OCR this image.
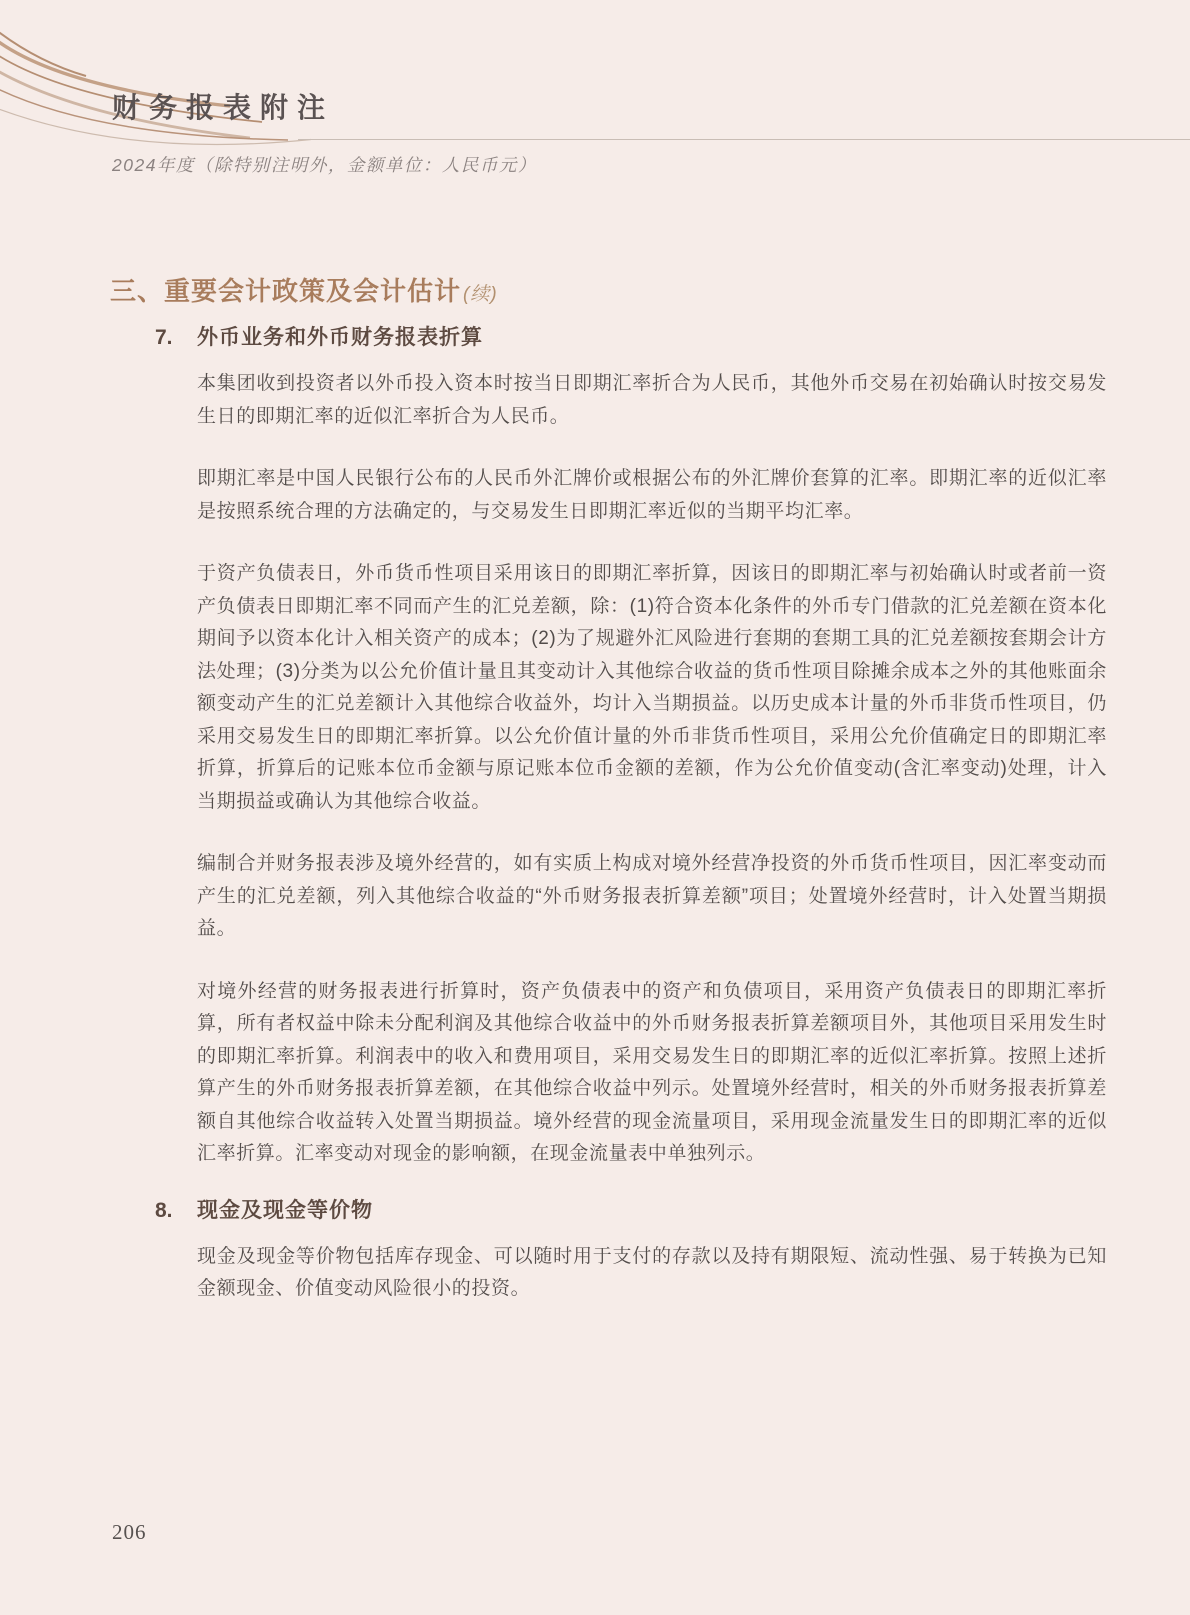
财务报表附注
2024年度（除特别注明外，金额单位：人民币元）
三、重要会计政策及会计估计 (续)
7.	外币业务和外币财务报表折算

本集团收到投资者以外币投入资本时按当日即期汇率折合为人民币，其他外币交易在初始确认时按交易发生日的即期汇率的近似汇率折合为人民币。

即期汇率是中国人民银行公布的人民币外汇牌价或根据公布的外汇牌价套算的汇率。即期汇率的近似汇率是按照系统合理的方法确定的，与交易发生日即期汇率近似的当期平均汇率。

于资产负债表日，外币货币性项目采用该日的即期汇率折算，因该日的即期汇率与初始确认时或者前一资产负债表日即期汇率不同而产生的汇兑差额，除：(1)符合资本化条件的外币专门借款的汇兑差额在资本化期间予以资本化计入相关资产的成本；(2)为了规避外汇风险进行套期的套期工具的汇兑差额按套期会计方法处理；(3)分类为以公允价值计量且其变动计入其他综合收益的货币性项目除摊余成本之外的其他账面余额变动产生的汇兑差额计入其他综合收益外，均计入当期损益。以历史成本计量的外币非货币性项目，仍采用交易发生日的即期汇率折算。以公允价值计量的外币非货币性项目，采用公允价值确定日的即期汇率折算，折算后的记账本位币金额与原记账本位币金额的差额，作为公允价值变动(含汇率变动)处理，计入当期损益或确认为其他综合收益。

编制合并财务报表涉及境外经营的，如有实质上构成对境外经营净投资的外币货币性项目，因汇率变动而产生的汇兑差额，列入其他综合收益的“外币财务报表折算差额”项目；处置境外经营时，计入处置当期损益。

对境外经营的财务报表进行折算时，资产负债表中的资产和负债项目，采用资产负债表日的即期汇率折算，所有者权益中除未分配利润及其他综合收益中的外币财务报表折算差额项目外，其他项目采用发生时的即期汇率折算。利润表中的收入和费用项目，采用交易发生日的即期汇率的近似汇率折算。按照上述折算产生的外币财务报表折算差额，在其他综合收益中列示。处置境外经营时，相关的外币财务报表折算差额自其他综合收益转入处置当期损益。境外经营的现金流量项目，采用现金流量发生日的即期汇率的近似汇率折算。汇率变动对现金的影响额，在现金流量表中单独列示。

8.	现金及现金等价物

现金及现金等价物包括库存现金、可以随时用于支付的存款以及持有期限短、流动性强、易于转换为已知金额现金、价值变动风险很小的投资。

206
